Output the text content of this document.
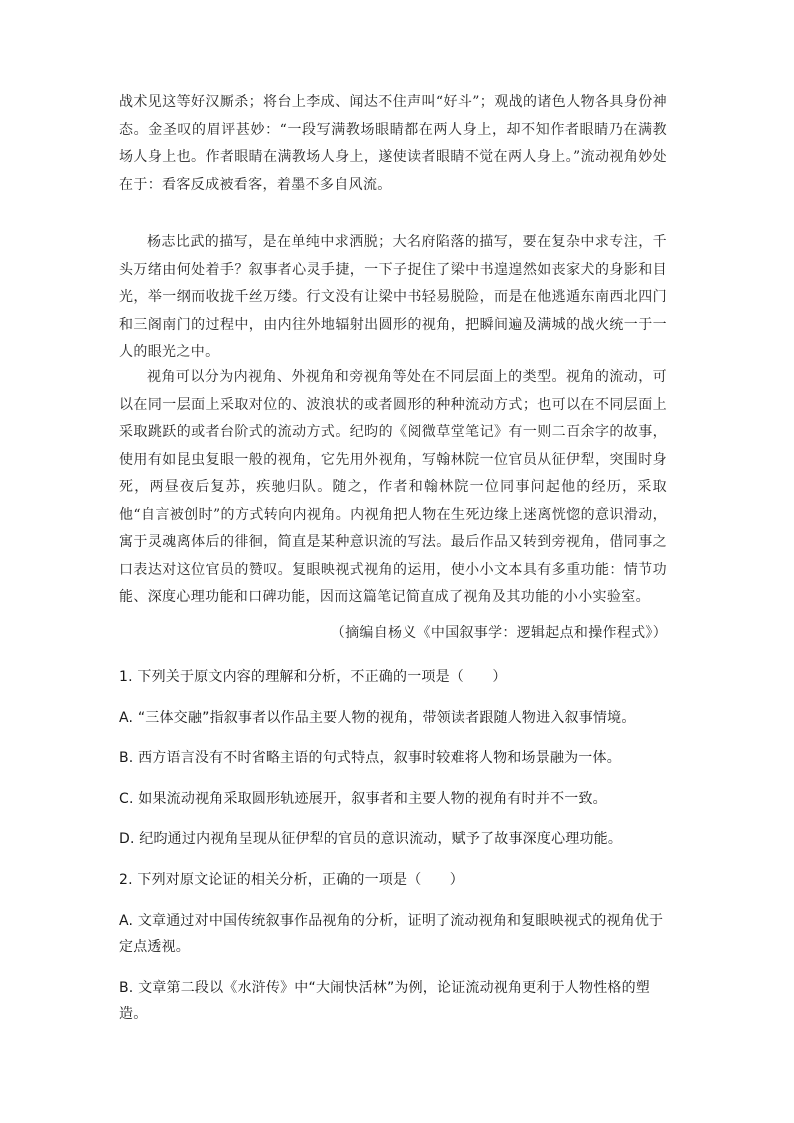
战术见这等好汉厮杀；将台上李成、闻达不住声叫“好斗”；观战的诸色人物各具身份神态。金圣叹的眉评甚妙：“一段写满教场眼睛都在两人身上，却不知作者眼睛乃在满教场人身上也。作者眼睛在满教场人身上，遂使读者眼睛不觉在两人身上。”流动视角妙处在于：看客反成被看客，着墨不多自风流。

杨志比武的描写，是在单纯中求洒脱；大名府陷落的描写，要在复杂中求专注，千头万绪由何处着手？叙事者心灵手捷，一下子捉住了梁中书遑遑然如丧家犬的身影和目光，举一纲而收拢千丝万缕。行文没有让梁中书轻易脱险，而是在他逃遁东南西北四门和三阁南门的过程中，由内往外地辐射出圆形的视角，把瞬间遍及满城的战火统一于一人的眼光之中。

视角可以分为内视角、外视角和旁视角等处在不同层面上的类型。视角的流动，可以在同一层面上采取对位的、波浪状的或者圆形的种种流动方式；也可以在不同层面上采取跳跃的或者台阶式的流动方式。纪昀的《阅微草堂笔记》有一则二百余字的故事，使用有如昆虫复眼一般的视角，它先用外视角，写翰林院一位官员从征伊犁，突围时身死，两昼夜后复苏，疾驰归队。随之，作者和翰林院一位同事问起他的经历，采取他“自言被创时”的方式转向内视角。内视角把人物在生死边缘上迷离恍惚的意识滑动，寓于灵魂离体后的徘徊，简直是某种意识流的写法。最后作品又转到旁视角，借同事之口表达对这位官员的赞叹。复眼映视式视角的运用，使小小文本具有多重功能：情节功能、深度心理功能和口碑功能，因而这篇笔记简直成了视角及其功能的小小实验室。

（摘编自杨义《中国叙事学：逻辑起点和操作程式》）

1. 下列关于原文内容的理解和分析，不正确的一项是（　　）

A. “三体交融”指叙事者以作品主要人物的视角，带领读者跟随人物进入叙事情境。

B. 西方语言没有不时省略主语的句式特点，叙事时较难将人物和场景融为一体。

C. 如果流动视角采取圆形轨迹展开，叙事者和主要人物的视角有时并不一致。

D. 纪昀通过内视角呈现从征伊犁的官员的意识流动，赋予了故事深度心理功能。

2. 下列对原文论证的相关分析，正确的一项是（　　）

A. 文章通过对中国传统叙事作品视角的分析，证明了流动视角和复眼映视式的视角优于定点透视。

B. 文章第二段以《水浒传》中“大闹快活林”为例，论证流动视角更利于人物性格的塑造。
